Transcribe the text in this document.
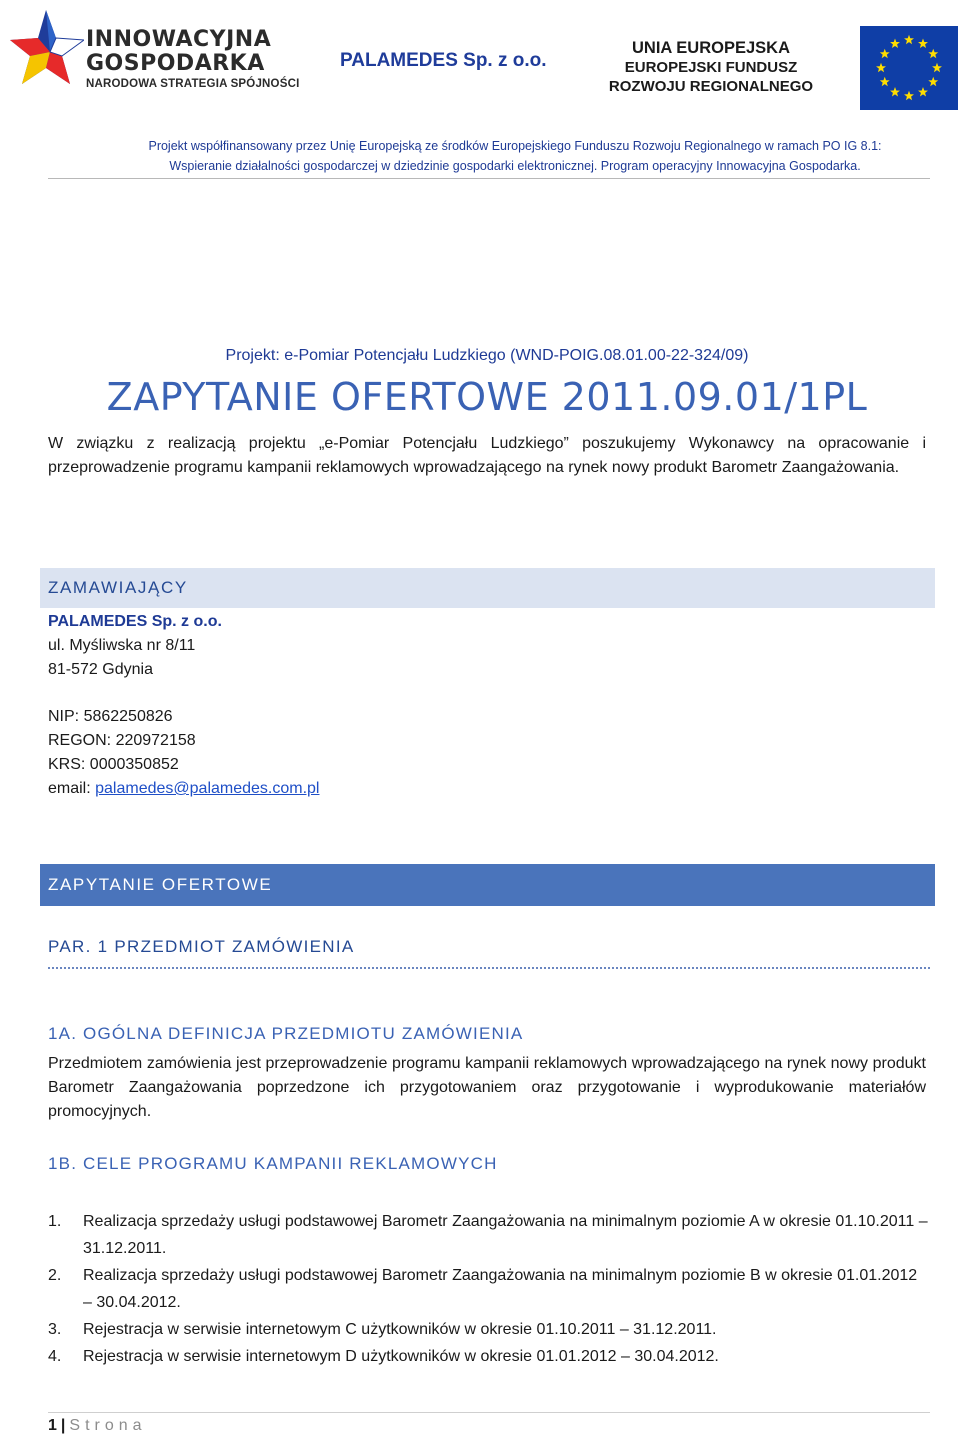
INNOWACYJNA
GOSPODARKA
NARODOWA STRATEGIA SPÓJNOŚCI
PALAMEDES Sp. z o.o.
UNIA EUROPEJSKA
EUROPEJSKI FUNDUSZ
ROZWOJU REGIONALNEGO
Projekt współfinansowany przez Unię Europejską ze środków Europejskiego Funduszu Rozwoju Regionalnego w ramach PO IG 8.1:
Wspieranie działalności gospodarczej w dziedzinie gospodarki elektronicznej. Program operacyjny Innowacyjna Gospodarka.
Projekt: e-Pomiar Potencjału Ludzkiego (WND-POIG.08.01.00-22-324/09)
ZAPYTANIE OFERTOWE 2011.09.01/1PL
W związku z realizacją projektu „e-Pomiar Potencjału Ludzkiego” poszukujemy Wykonawcy na opracowanie i przeprowadzenie programu kampanii reklamowych wprowadzającego na rynek nowy produkt Barometr Zaangażowania.
ZAMAWIAJĄCY
PALAMEDES Sp. z o.o.
ul. Myśliwska nr 8/11
81-572 Gdynia
NIP: 5862250826
REGON: 220972158
KRS: 0000350852
email: palamedes@palamedes.com.pl
ZAPYTANIE OFERTOWE
PAR. 1 PRZEDMIOT ZAMÓWIENIA
1A. OGÓLNA DEFINICJA PRZEDMIOTU ZAMÓWIENIA
Przedmiotem zamówienia jest przeprowadzenie programu kampanii reklamowych wprowadzającego na rynek nowy produkt Barometr Zaangażowania poprzedzone ich przygotowaniem oraz przygotowanie i wyprodukowanie materiałów promocyjnych.
1B. CELE PROGRAMU KAMPANII REKLAMOWYCH
1. Realizacja sprzedaży usługi podstawowej Barometr Zaangażowania na minimalnym poziomie A w okresie 01.10.2011 – 31.12.2011.
2. Realizacja sprzedaży usługi podstawowej Barometr Zaangażowania na minimalnym poziomie B w okresie 01.01.2012 – 30.04.2012.
3. Rejestracja w serwisie internetowym C użytkowników w okresie 01.10.2011 – 31.12.2011.
4. Rejestracja w serwisie internetowym D użytkowników w okresie 01.01.2012 – 30.04.2012.
1 | Strona
